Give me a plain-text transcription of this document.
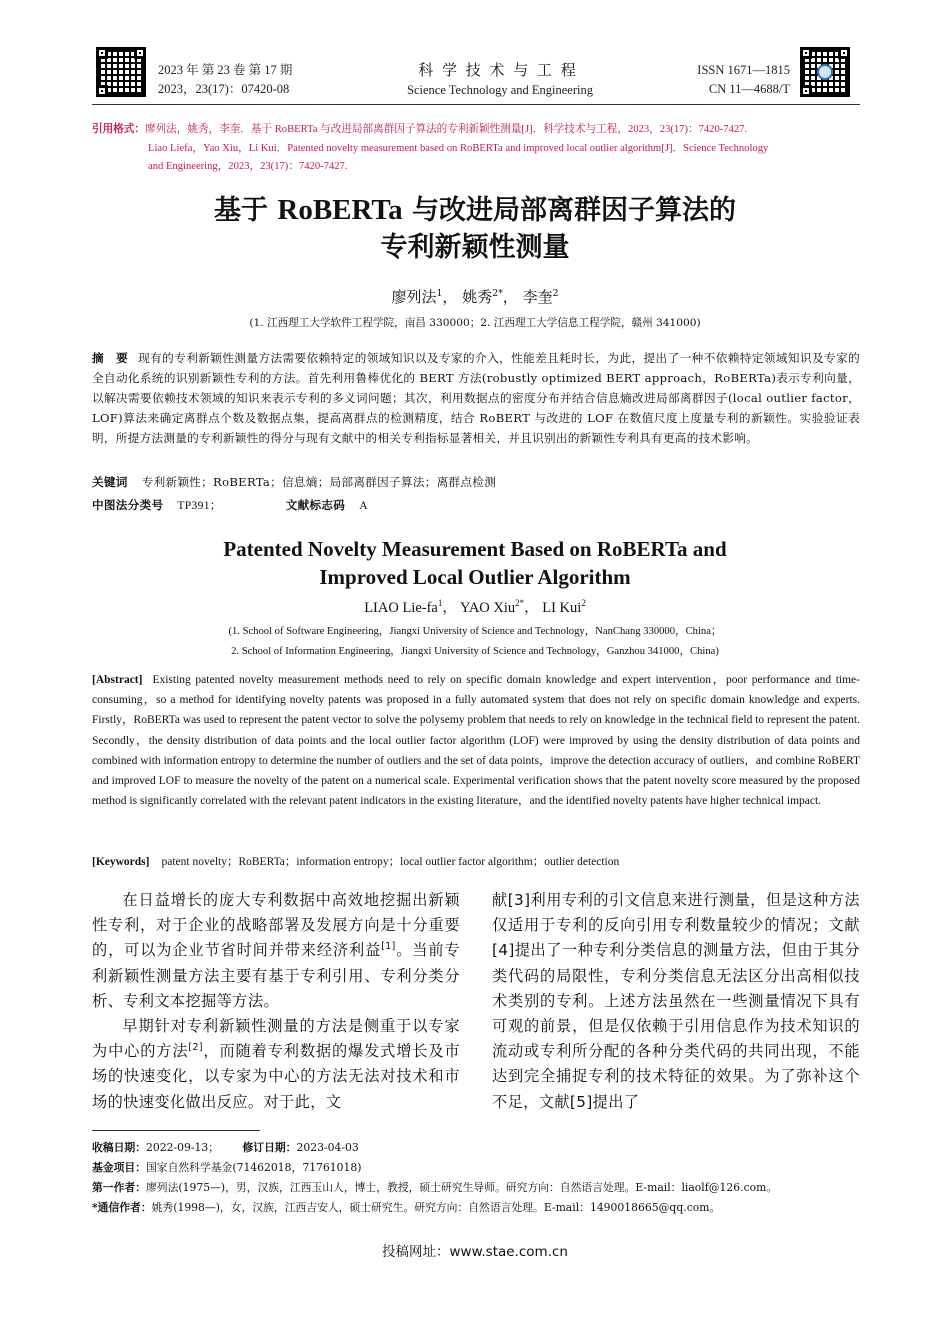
2023 年 第 23 卷 第 17 期
2023，23(17)：07420-08
科 学 技 术 与 工 程
Science Technology and Engineering
ISSN 1671—1815
CN 11—4688/T
引用格式：廖列法，姚秀，李奎．基于 RoBERTa 与改进局部离群因子算法的专利新颖性测量[J]．科学技术与工程，2023，23(17)：7420-7427.
Liao Liefa，Yao Xiu，Li Kui．Patented novelty measurement based on RoBERTa and improved local outlier algorithm[J]．Science Technology
and Engineering，2023，23(17)：7420-7427.
基于 RoBERTa 与改进局部离群因子算法的
专利新颖性测量
廖列法$^1$， 姚秀$^{2*}$， 李奎$^2$
(1. 江西理工大学软件工程学院，南昌 330000；2. 江西理工大学信息工程学院，赣州 341000)
摘　要 现有的专利新颖性测量方法需要依赖特定的领域知识以及专家的介入，性能差且耗时长，为此，提出了一种不依赖特定领域知识及专家的全自动化系统的识别新颖性专利的方法。首先利用鲁棒优化的 BERT 方法(robustly optimized BERT approach，RoBERTa)表示专利向量，以解决需要依赖技术领域的知识来表示专利的多义词问题；其次，利用数据点的密度分布并结合信息熵改进局部离群因子(local outlier factor，LOF)算法来确定离群点个数及数据点集，提高离群点的检测精度，结合 RoBERT 与改进的 LOF 在数值尺度上度量专利的新颖性。实验验证表明，所提方法测量的专利新颖性的得分与现有文献中的相关专利指标显著相关，并且识别出的新颖性专利具有更高的技术影响。
关键词 专利新颖性；RoBERTa；信息熵；局部离群因子算法；离群点检测
中图法分类号 TP391；	文献标志码 A
Patented Novelty Measurement Based on RoBERTa and
Improved Local Outlier Algorithm
LIAO Lie-$fa^1$， YAO Xiu$^{2*}$， LI Kui$^2$
(1. School of Software Engineering，Jiangxi University of Science and Technology，NanChang 330000，China；
2. School of Information Engineering，Jiangxi University of Science and Technology，Ganzhou 341000，China)
[Abstract] Existing patented novelty measurement methods need to rely on specific domain knowledge and expert intervention，poor performance and time-consuming，so a method for identifying novelty patents was proposed in a fully automated system that does not rely on specific domain knowledge and experts. Firstly，RoBERTa was used to represent the patent vector to solve the polysemy problem that needs to rely on knowledge in the technical field to represent the patent. Secondly，the density distribution of data points and the local outlier factor algorithm (LOF) were improved by using the density distribution of data points and combined with information entropy to determine the number of outliers and the set of data points，improve the detection accuracy of outliers，and combine RoBERT and improved LOF to measure the novelty of the patent on a numerical scale. Experimental verification shows that the patent novelty score measured by the proposed method is significantly correlated with the relevant patent indicators in the existing literature，and the identified novelty patents have higher technical impact.
[Keywords] patent novelty；RoBERTa；information entropy；local outlier factor algorithm；outlier detection

在日益增长的庞大专利数据中高效地挖掘出新颖性专利，对于企业的战略部署及发展方向是十分重要的，可以为企业节省时间并带来经济利益[1]。当前专利新颖性测量方法主要有基于专利引用、专利分类分析、专利文本挖掘等方法。

早期针对专利新颖性测量的方法是侧重于以专家为中心的方法[2]，而随着专利数据的爆发式增长及市场的快速变化，以专家为中心的方法无法对技术和市场的快速变化做出反应。对于此，文

献[3]利用专利的引文信息来进行测量，但是这种方法仅适用于专利的反向引用专利数量较少的情况；文献[4]提出了一种专利分类信息的测量方法，但由于其分类代码的局限性，专利分类信息无法区分出高相似技术类别的专利。上述方法虽然在一些测量情况下具有可观的前景，但是仅依赖于引用信息作为技术知识的流动或专利所分配的各种分类代码的共同出现，不能达到完全捕捉专利的技术特征的效果。为了弥补这个不足，文献[5]提出了

收稿日期：2022-09-13； 修订日期：2023-04-03
基金项目：国家自然科学基金(71462018，71761018)
第一作者：廖列法(1975—)，男，汉族，江西玉山人，博士，教授，硕士研究生导师。研究方向：自然语言处理。E-mail：liaolf@126.com。
*通信作者：姚秀(1998—)，女，汉族，江西吉安人，硕士研究生。研究方向：自然语言处理。E-mail：1490018665@qq.com。
投稿网址：www.stae.com.cn
